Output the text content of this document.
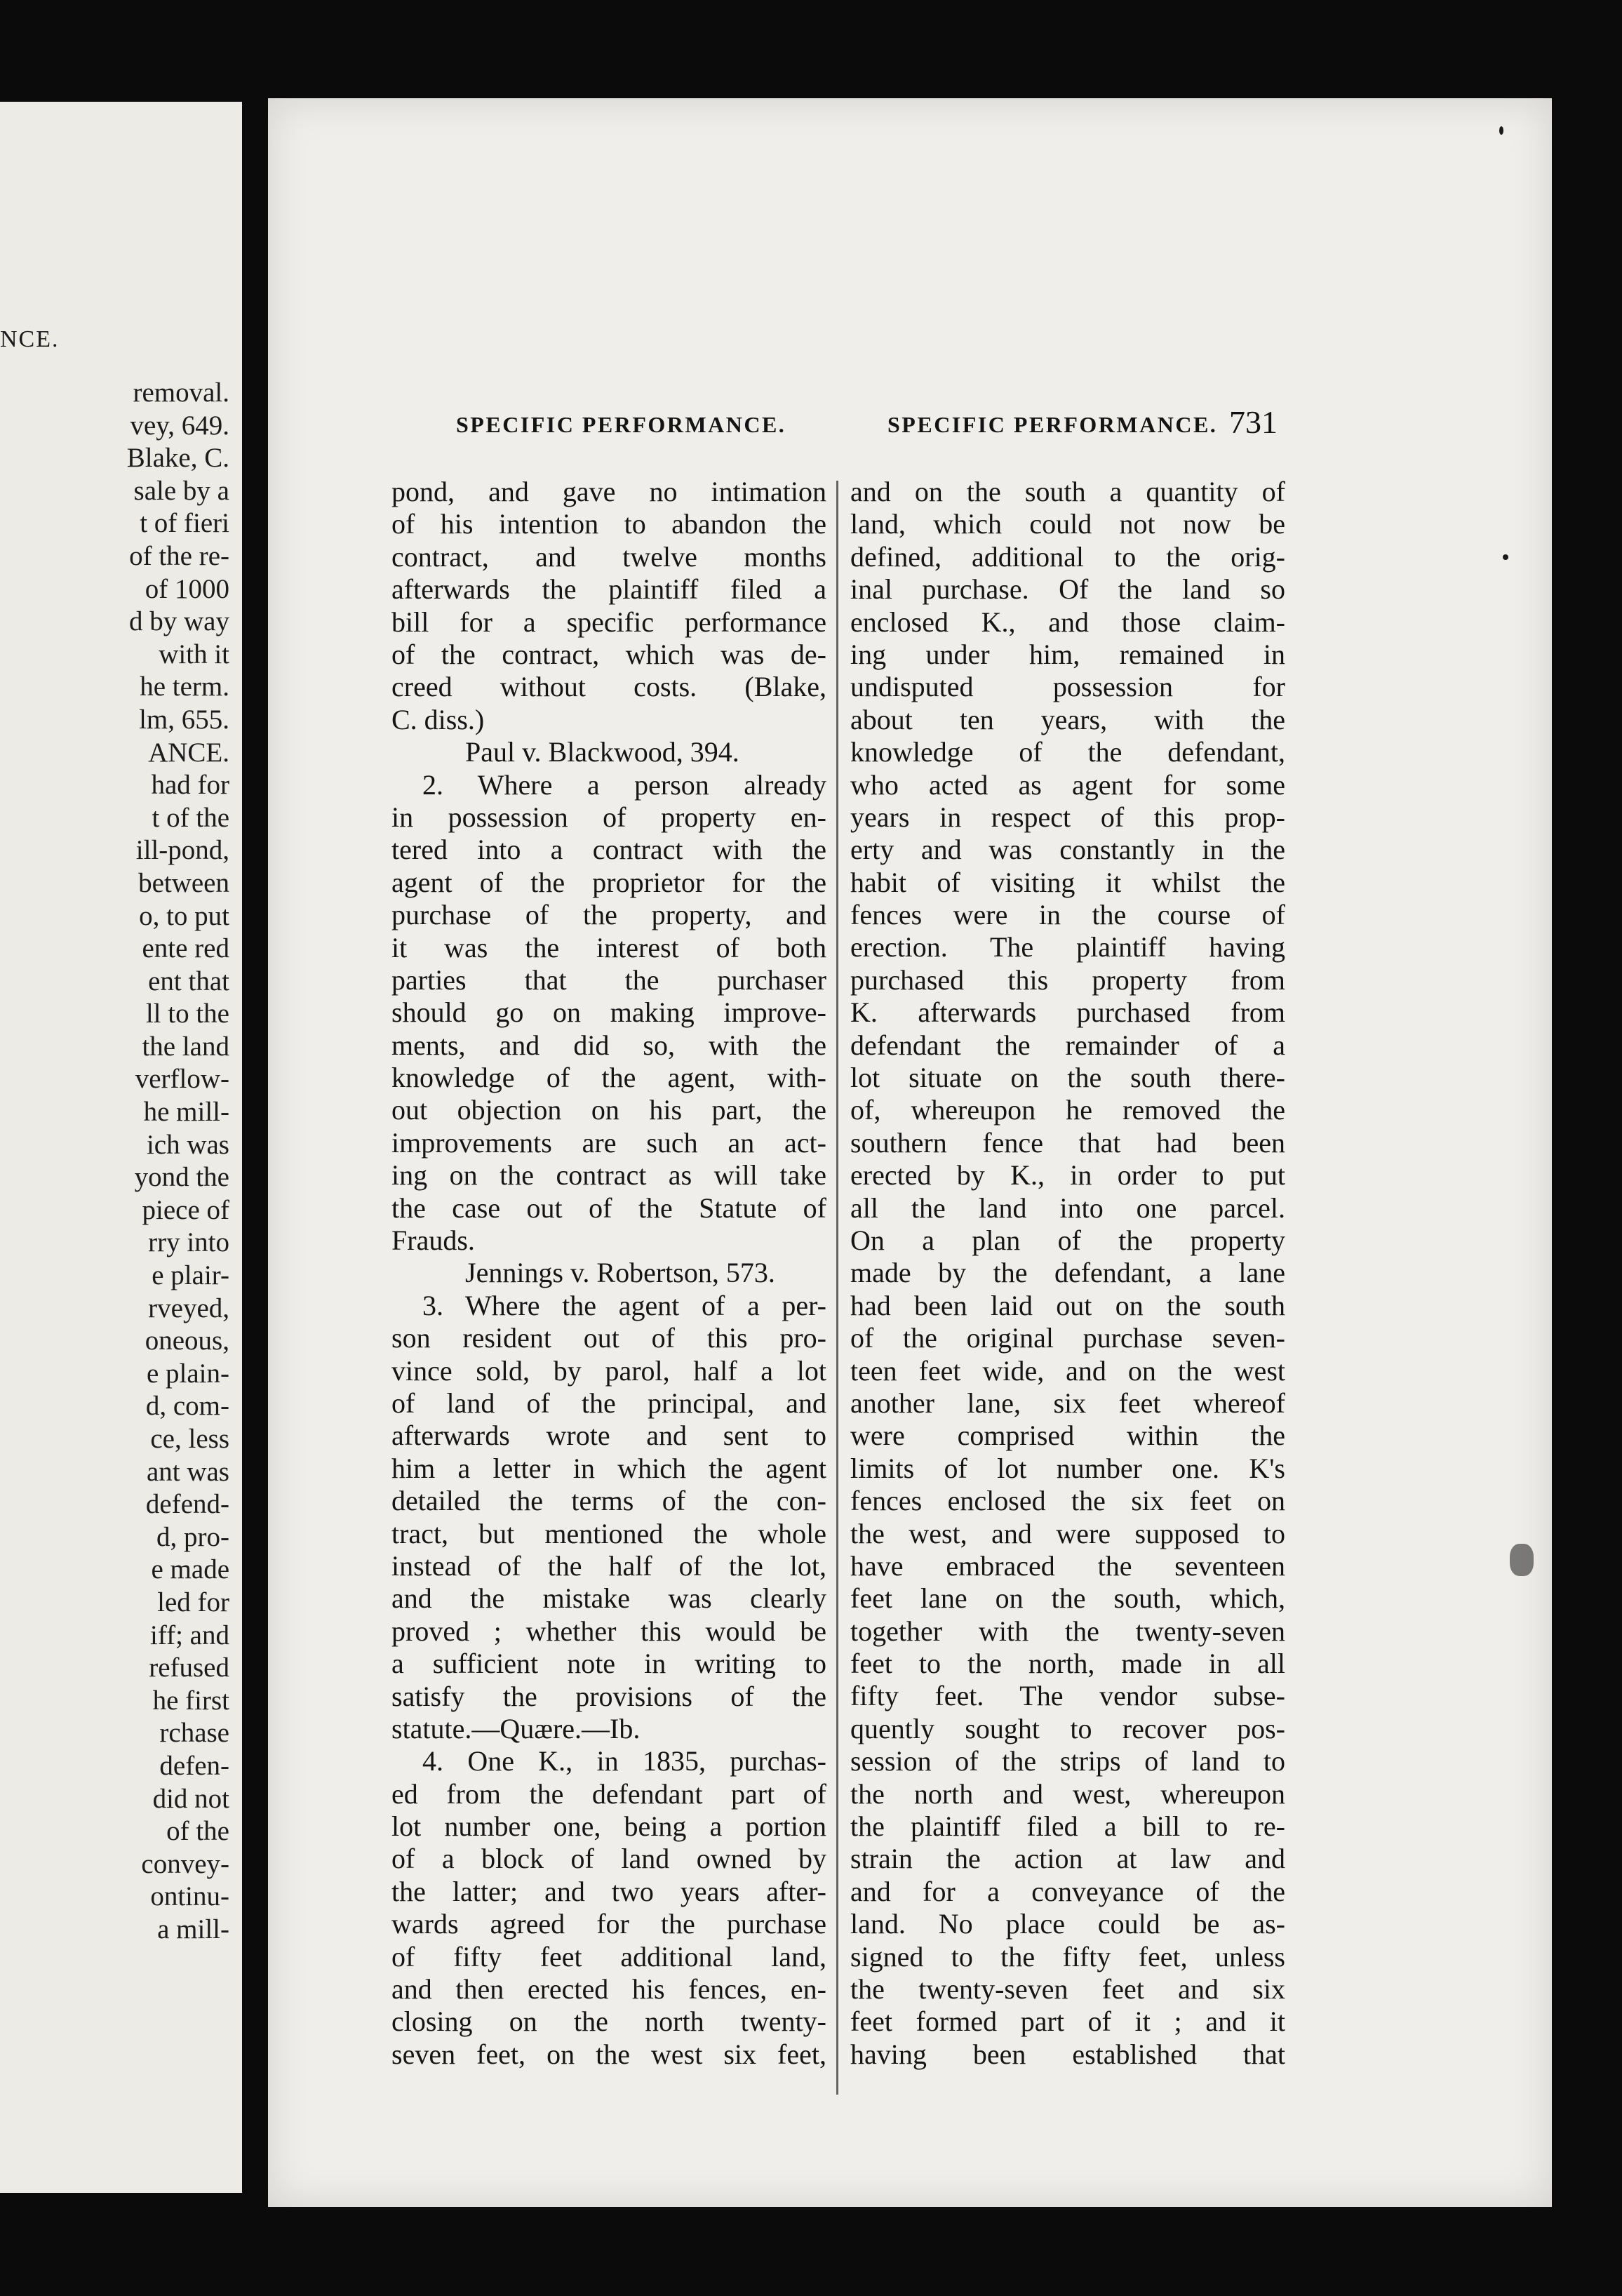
NCE.
removal.
vey, 649.
Blake, C.
sale by a
t of fieri
of the re-
of 1000
d by way
with it
he term.
lm, 655.
ANCE.
had for
t of the
ill-pond,
between
o, to put
ente red
ent that
ll to the
the land
verflow-
he mill-
ich was
yond the
piece of
rry into
e plair-
rveyed,
oneous,
e plain-
d, com-
ce, less
ant was
defend-
d, pro-
e made
led for
iff; and
refused
he first
rchase
defen-
did not
of the
convey-
ontinu-
a mill-
SPECIFIC PERFORMANCE.	SPECIFIC PERFORMANCE. 731
pond, and gave no intimation
of his intention to abandon the
contract, and twelve months
afterwards the plaintiff filed a
bill for a specific performance
of the contract, which was de-
creed without costs. (Blake,
C. diss.)
Paul v. Blackwood, 394.
2. Where a person already
in possession of property en-
tered into a contract with the
agent of the proprietor for the
purchase of the property, and
it was the interest of both
parties that the purchaser
should go on making improve-
ments, and did so, with the
knowledge of the agent, with-
out objection on his part, the
improvements are such an act-
ing on the contract as will take
the case out of the Statute of
Frauds.
Jennings v. Robertson, 573.
3. Where the agent of a per-
son resident out of this pro-
vince sold, by parol, half a lot
of land of the principal, and
afterwards wrote and sent to
him a letter in which the agent
detailed the terms of the con-
tract, but mentioned the whole
instead of the half of the lot,
and the mistake was clearly
proved ; whether this would be
a sufficient note in writing to
satisfy the provisions of the
statute.—Quære.—Ib.
4. One K., in 1835, purchas-
ed from the defendant part of
lot number one, being a portion
of a block of land owned by
the latter; and two years after-
wards agreed for the purchase
of fifty feet additional land,
and then erected his fences, en-
closing on the north twenty-
seven feet, on the west six feet,
and on the south a quantity of
land, which could not now be
defined, additional to the orig-
inal purchase. Of the land so
enclosed K., and those claim-
ing under him, remained in
undisputed possession for
about ten years, with the
knowledge of the defendant,
who acted as agent for some
years in respect of this prop-
erty and was constantly in the
habit of visiting it whilst the
fences were in the course of
erection. The plaintiff having
purchased this property from
K. afterwards purchased from
defendant the remainder of a
lot situate on the south there-
of, whereupon he removed the
southern fence that had been
erected by K., in order to put
all the land into one parcel.
On a plan of the property
made by the defendant, a lane
had been laid out on the south
of the original purchase seven-
teen feet wide, and on the west
another lane, six feet whereof
were comprised within the
limits of lot number one. K's
fences enclosed the six feet on
the west, and were supposed to
have embraced the seventeen
feet lane on the south, which,
together with the twenty-seven
feet to the north, made in all
fifty feet. The vendor subse-
quently sought to recover pos-
session of the strips of land to
the north and west, whereupon
the plaintiff filed a bill to re-
strain the action at law and
and for a conveyance of the
land. No place could be as-
signed to the fifty feet, unless
the twenty-seven feet and six
feet formed part of it ; and it
having been established that
